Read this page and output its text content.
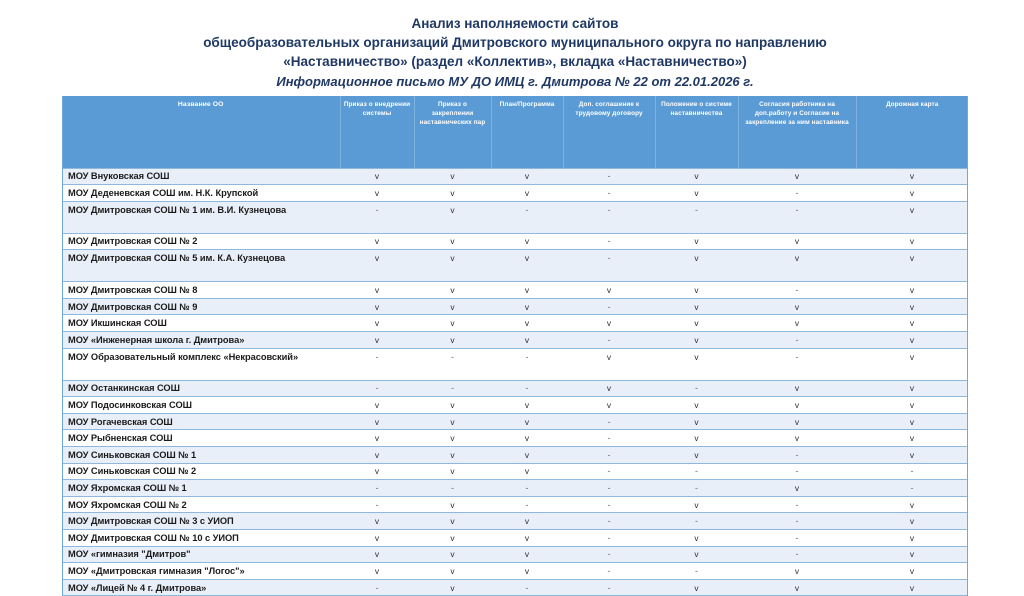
Анализ наполняемости сайтов
общеобразовательных организаций Дмитровского муниципального округа по направлению
«Наставничество» (раздел «Коллектив», вкладка «Наставничество»)
Информационное письмо МУ ДО ИМЦ г. Дмитрова № 22 от 22.01.2026 г.
Название ОО	Приказ о внедрении системы	Приказ о закреплении наставнических пар	План/Программа	Доп. соглашение к трудовому договору	Положение о системе наставничества	Согласия работника на доп.работу и Согласие на закрепление за ним наставника	Дорожная карта
МОУ Внуковская СОШ	v	v	v	-	v	v	v
МОУ Деденевская СОШ им. Н.К. Крупской	v	v	v	-	v	-	v
МОУ Дмитровская СОШ № 1 им. В.И. Кузнецова	-	v	-	-	-	-	v
МОУ Дмитровская СОШ № 2	v	v	v	-	v	v	v
МОУ Дмитровская СОШ № 5 им. К.А. Кузнецова	v	v	v	-	v	v	v
МОУ Дмитровская СОШ № 8	v	v	v	v	v	-	v
МОУ Дмитровская СОШ № 9	v	v	v	-	v	v	v
МОУ Икшинская СОШ	v	v	v	v	v	v	v
МОУ «Инженерная школа г. Дмитрова»	v	v	v	-	v	-	v
МОУ Образовательный комплекс «Некрасовский»	-	-	-	v	v	-	v
МОУ Останкинская СОШ	-	-	-	v	-	v	v
МОУ Подосинковская СОШ	v	v	v	v	v	v	v
МОУ Рогачевская СОШ	v	v	v	-	v	v	v
МОУ Рыбненская СОШ	v	v	v	-	v	v	v
МОУ Синьковская СОШ № 1	v	v	v	-	v	-	v
МОУ Синьковская СОШ № 2	v	v	v	-	-	-	-
МОУ Яхромская СОШ № 1	-	-	-	-	-	v	-
МОУ Яхромская СОШ № 2	-	v	-	-	v	-	v
МОУ Дмитровская СОШ № 3 с УИОП	v	v	v	-	-	-	v
МОУ Дмитровская СОШ № 10 с УИОП	v	v	v	-	v	-	v
МОУ «гимназия "Дмитров"	v	v	v	-	v	-	v
МОУ «Дмитровская гимназия "Логос"»	v	v	v	-	-	v	v
МОУ «Лицей № 4 г. Дмитрова»	-	v	-	-	v	v	v
